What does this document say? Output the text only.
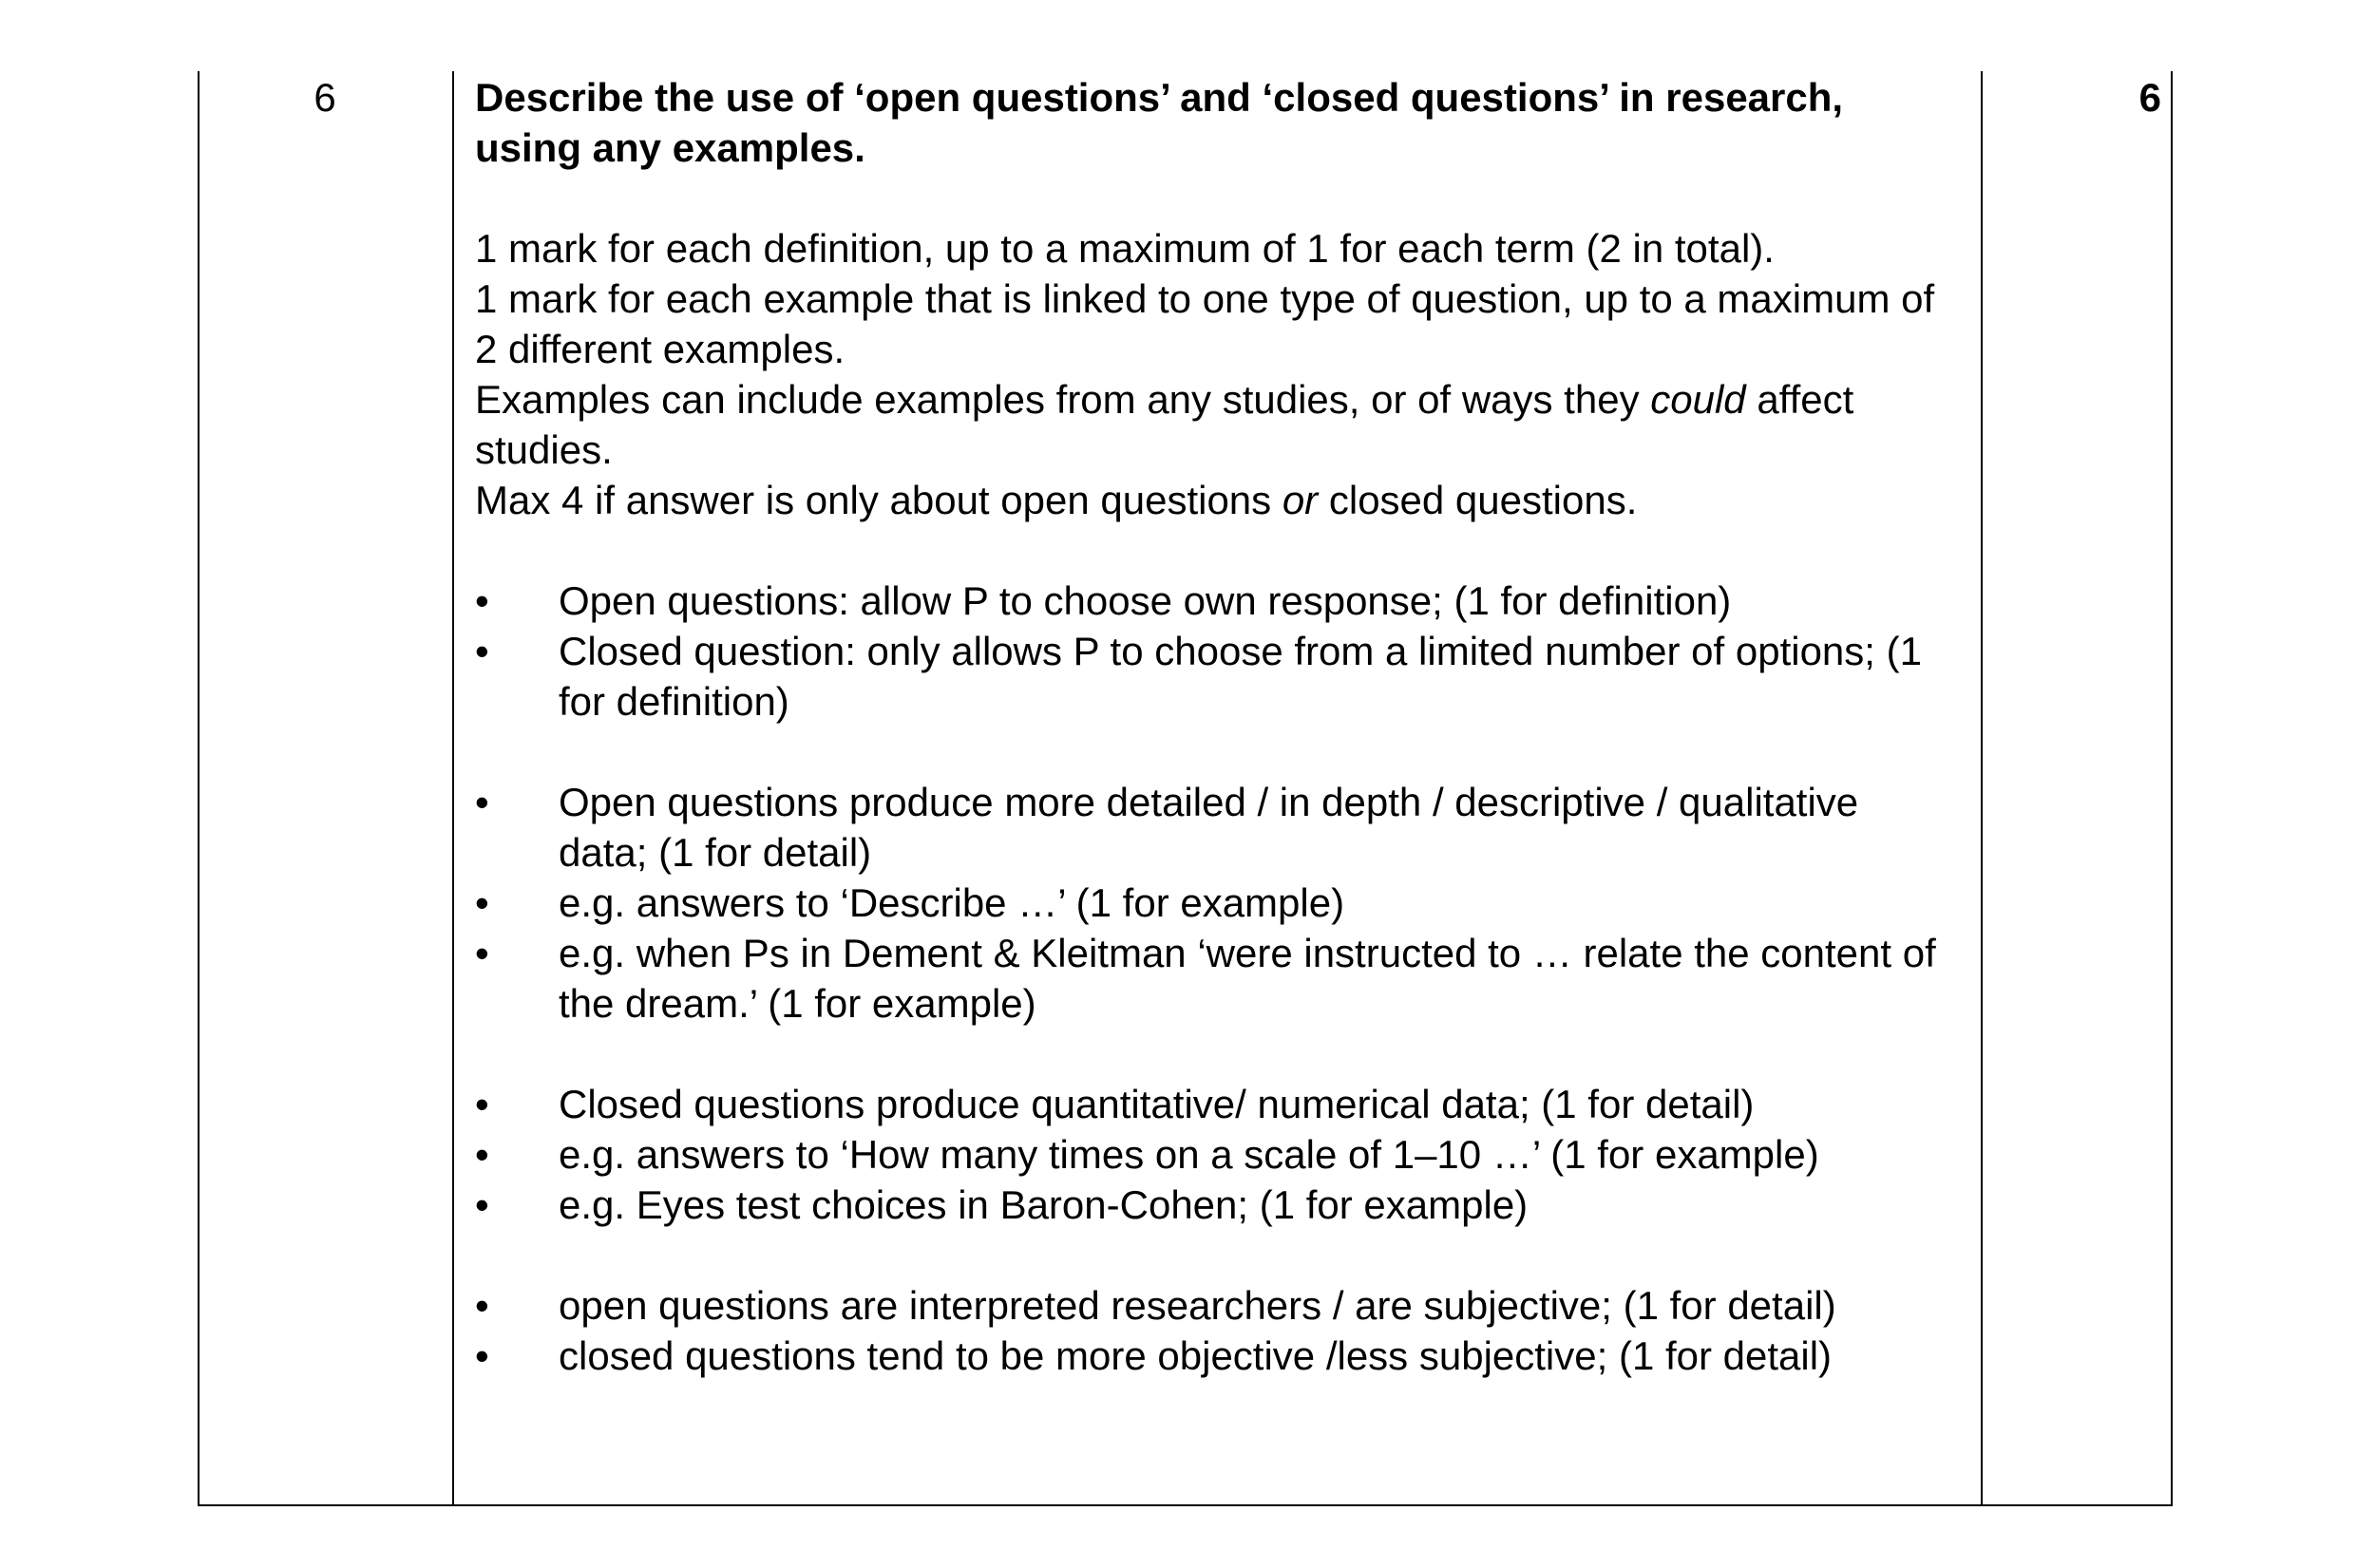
6	Describe the use of ‘open questions’ and ‘closed questions’ in research, using any examples.

1 mark for each definition, up to a maximum of 1 for each term (2 in total).

1 mark for each example that is linked to one type of question, up to a maximum of 2 different examples.

Examples can include examples from any studies, or of ways they could affect studies.

Max 4 if answer is only about open questions or closed questions.

•	Open questions: allow P to choose own response; (1 for definition)
•	Closed question: only allows P to choose from a limited number of options; (1 for definition)
•	Open questions produce more detailed / in depth / descriptive / qualitative data; (1 for detail)
•	e.g. answers to ‘Describe …’ (1 for example)
•	e.g. when Ps in Dement & Kleitman ‘were instructed to … relate the content of the dream.’ (1 for example)
•	Closed questions produce quantitative/ numerical data; (1 for detail)
•	e.g. answers to ‘How many times on a scale of 1–10 …’ (1 for example)
•	e.g. Eyes test choices in Baron-Cohen; (1 for example)
•	open questions are interpreted researchers / are subjective; (1 for detail)
•	closed questions tend to be more objective /less subjective; (1 for detail)
6
